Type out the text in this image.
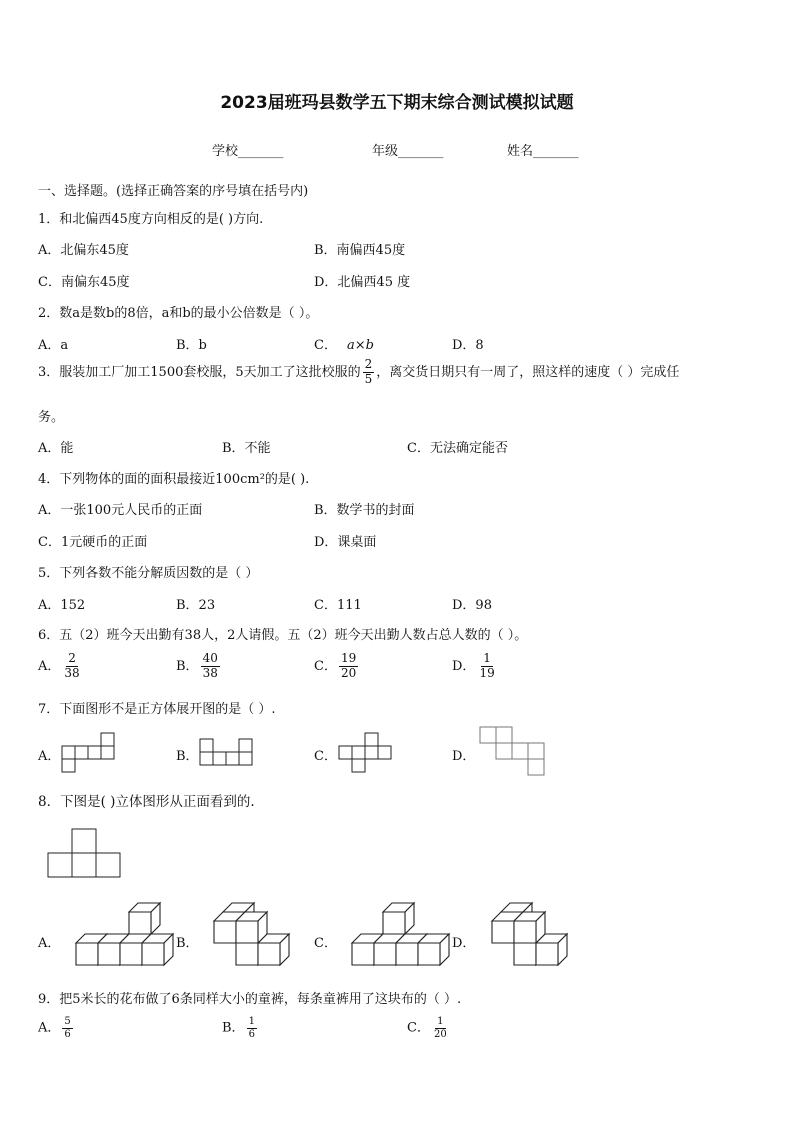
2023届班玛县数学五下期末综合测试模拟试题
学校_______	年级_______	姓名_______
一、选择题。(选择正确答案的序号填在括号内)
1．和北偏西45度方向相反的是( )方向.
A．北偏东45度	B．南偏西45度
C．南偏东45度	D．北偏西45 度
2．数a是数b的8倍，a和b的最小公倍数是（ ）。
A．a	B．b	C． a×b	D．8
3．服装加工厂加工1500套校服，5天加工了这批校服的 $\frac{2}{5}$ ，离交货日期只有一周了，照这样的速度（ ）完成任
务。
A．能	B．不能	C．无法确定能否
4．下列物体的面的面积最接近100cm²的是( ).
A．一张100元人民币的正面	B．数学书的封面
C．1元硬币的正面	D．课桌面
5．下列各数不能分解质因数的是（ ）
A．152	B．23	C．111	D．98
6．五（2）班今天出勤有38人，2人请假。五（2）班今天出勤人数占总人数的（ ）。
A． $\frac{2}{38}$	B． $\frac{40}{38}$	C． $\frac{19}{20}$	D． $\frac{1}{19}$
7．下面图形不是正方体展开图的是（ ）.
A．	B．	C．	D．
8．下图是( )立体图形从正面看到的.
A．	B．	C．	D．
9．把5米长的花布做了6条同样大小的童裤，每条童裤用了这块布的（ ）.
A． $\frac{5}{6}$	B． $\frac{1}{6}$	C． $\frac{1}{20}$
